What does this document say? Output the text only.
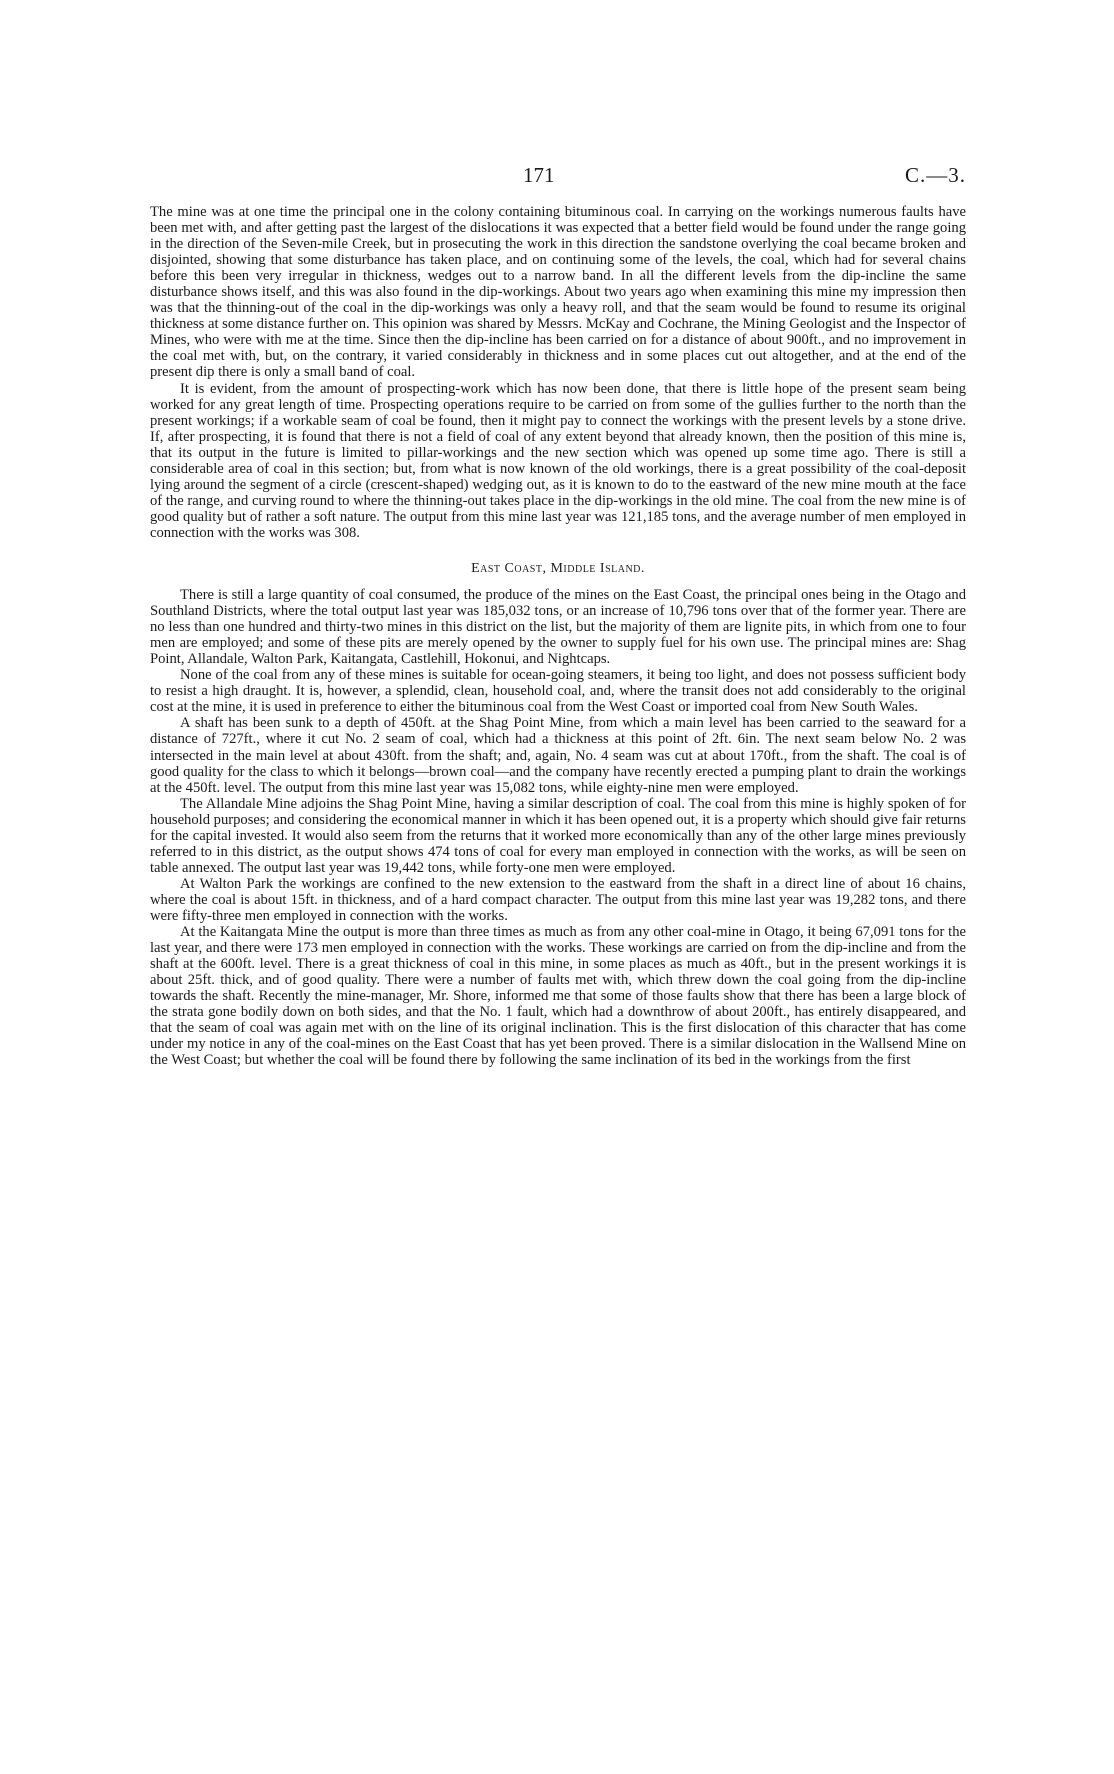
171	C.—3.

The mine was at one time the principal one in the colony containing bituminous coal. In carrying on the workings numerous faults have been met with, and after getting past the largest of the dislocations it was expected that a better field would be found under the range going in the direction of the Seven-mile Creek, but in prosecuting the work in this direction the sandstone overlying the coal became broken and disjointed, showing that some disturbance has taken place, and on continuing some of the levels, the coal, which had for several chains before this been very irregular in thickness, wedges out to a narrow band. In all the different levels from the dip-incline the same disturbance shows itself, and this was also found in the dip-workings. About two years ago when examining this mine my impression then was that the thinning-out of the coal in the dip-workings was only a heavy roll, and that the seam would be found to resume its original thickness at some distance further on. This opinion was shared by Messrs. McKay and Cochrane, the Mining Geologist and the Inspector of Mines, who were with me at the time. Since then the dip-incline has been carried on for a distance of about 900ft., and no improvement in the coal met with, but, on the contrary, it varied considerably in thickness and in some places cut out altogether, and at the end of the present dip there is only a small band of coal.

It is evident, from the amount of prospecting-work which has now been done, that there is little hope of the present seam being worked for any great length of time. Prospecting operations require to be carried on from some of the gullies further to the north than the present workings; if a workable seam of coal be found, then it might pay to connect the workings with the present levels by a stone drive. If, after prospecting, it is found that there is not a field of coal of any extent beyond that already known, then the position of this mine is, that its output in the future is limited to pillar-workings and the new section which was opened up some time ago. There is still a considerable area of coal in this section; but, from what is now known of the old workings, there is a great possibility of the coal-deposit lying around the segment of a circle (crescent-shaped) wedging out, as it is known to do to the eastward of the new mine mouth at the face of the range, and curving round to where the thinning-out takes place in the dip-workings in the old mine. The coal from the new mine is of good quality but of rather a soft nature. The output from this mine last year was 121,185 tons, and the average number of men employed in connection with the works was 308.

East Coast, Middle Island.

There is still a large quantity of coal consumed, the produce of the mines on the East Coast, the principal ones being in the Otago and Southland Districts, where the total output last year was 185,032 tons, or an increase of 10,796 tons over that of the former year. There are no less than one hundred and thirty-two mines in this district on the list, but the majority of them are lignite pits, in which from one to four men are employed; and some of these pits are merely opened by the owner to supply fuel for his own use. The principal mines are: Shag Point, Allandale, Walton Park, Kaitangata, Castlehill, Hokonui, and Nightcaps.

None of the coal from any of these mines is suitable for ocean-going steamers, it being too light, and does not possess sufficient body to resist a high draught. It is, however, a splendid, clean, household coal, and, where the transit does not add considerably to the original cost at the mine, it is used in preference to either the bituminous coal from the West Coast or imported coal from New South Wales.

A shaft has been sunk to a depth of 450ft. at the Shag Point Mine, from which a main level has been carried to the seaward for a distance of 727ft., where it cut No. 2 seam of coal, which had a thickness at this point of 2ft. 6in. The next seam below No. 2 was intersected in the main level at about 430ft. from the shaft; and, again, No. 4 seam was cut at about 170ft., from the shaft. The coal is of good quality for the class to which it belongs—brown coal—and the company have recently erected a pumping plant to drain the workings at the 450ft. level. The output from this mine last year was 15,082 tons, while eighty-nine men were employed.

The Allandale Mine adjoins the Shag Point Mine, having a similar description of coal. The coal from this mine is highly spoken of for household purposes; and considering the economical manner in which it has been opened out, it is a property which should give fair returns for the capital invested. It would also seem from the returns that it worked more economically than any of the other large mines previously referred to in this district, as the output shows 474 tons of coal for every man employed in connection with the works, as will be seen on table annexed. The output last year was 19,442 tons, while forty-one men were employed.

At Walton Park the workings are confined to the new extension to the eastward from the shaft in a direct line of about 16 chains, where the coal is about 15ft. in thickness, and of a hard compact character. The output from this mine last year was 19,282 tons, and there were fifty-three men employed in connection with the works.

At the Kaitangata Mine the output is more than three times as much as from any other coal-mine in Otago, it being 67,091 tons for the last year, and there were 173 men employed in connection with the works. These workings are carried on from the dip-incline and from the shaft at the 600ft. level. There is a great thickness of coal in this mine, in some places as much as 40ft., but in the present workings it is about 25ft. thick, and of good quality. There were a number of faults met with, which threw down the coal going from the dip-incline towards the shaft. Recently the mine-manager, Mr. Shore, informed me that some of those faults show that there has been a large block of the strata gone bodily down on both sides, and that the No. 1 fault, which had a downthrow of about 200ft., has entirely disappeared, and that the seam of coal was again met with on the line of its original inclination. This is the first dislocation of this character that has come under my notice in any of the coal-mines on the East Coast that has yet been proved. There is a similar dislocation in the Wallsend Mine on the West Coast; but whether the coal will be found there by following the same inclination of its bed in the workings from the first
